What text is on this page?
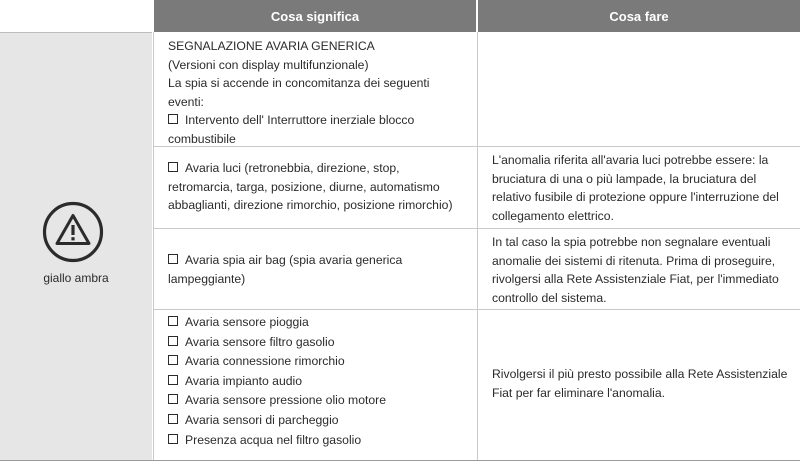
Cosa significa	Cosa fare
giallo ambra
SEGNALAZIONE AVARIA GENERICA
(Versioni con display multifunzionale)
La spia si accende in concomitanza dei seguenti
eventi:
Intervento dell' Interruttore inerziale blocco
combustibile
Avaria luci (retronebbia, direzione, stop,
retromarcia, targa, posizione, diurne, automatismo
abbaglianti, direzione rimorchio, posizione rimorchio)
L'anomalia riferita all'avaria luci potrebbe essere: la
bruciatura di una o più lampade, la bruciatura del
relativo fusibile di protezione oppure l'interruzione del
collegamento elettrico.
Avaria spia air bag (spia avaria generica
lampeggiante)
In tal caso la spia potrebbe non segnalare eventuali
anomalie dei sistemi di ritenuta. Prima di proseguire,
rivolgersi alla Rete Assistenziale Fiat, per l'immediato
controllo del sistema.
Avaria sensore pioggia
Avaria sensore filtro gasolio
Avaria connessione rimorchio
Avaria impianto audio
Avaria sensore pressione olio motore
Avaria sensori di parcheggio
Presenza acqua nel filtro gasolio
Rivolgersi il più presto possibile alla Rete Assistenziale
Fiat per far eliminare l'anomalia.
